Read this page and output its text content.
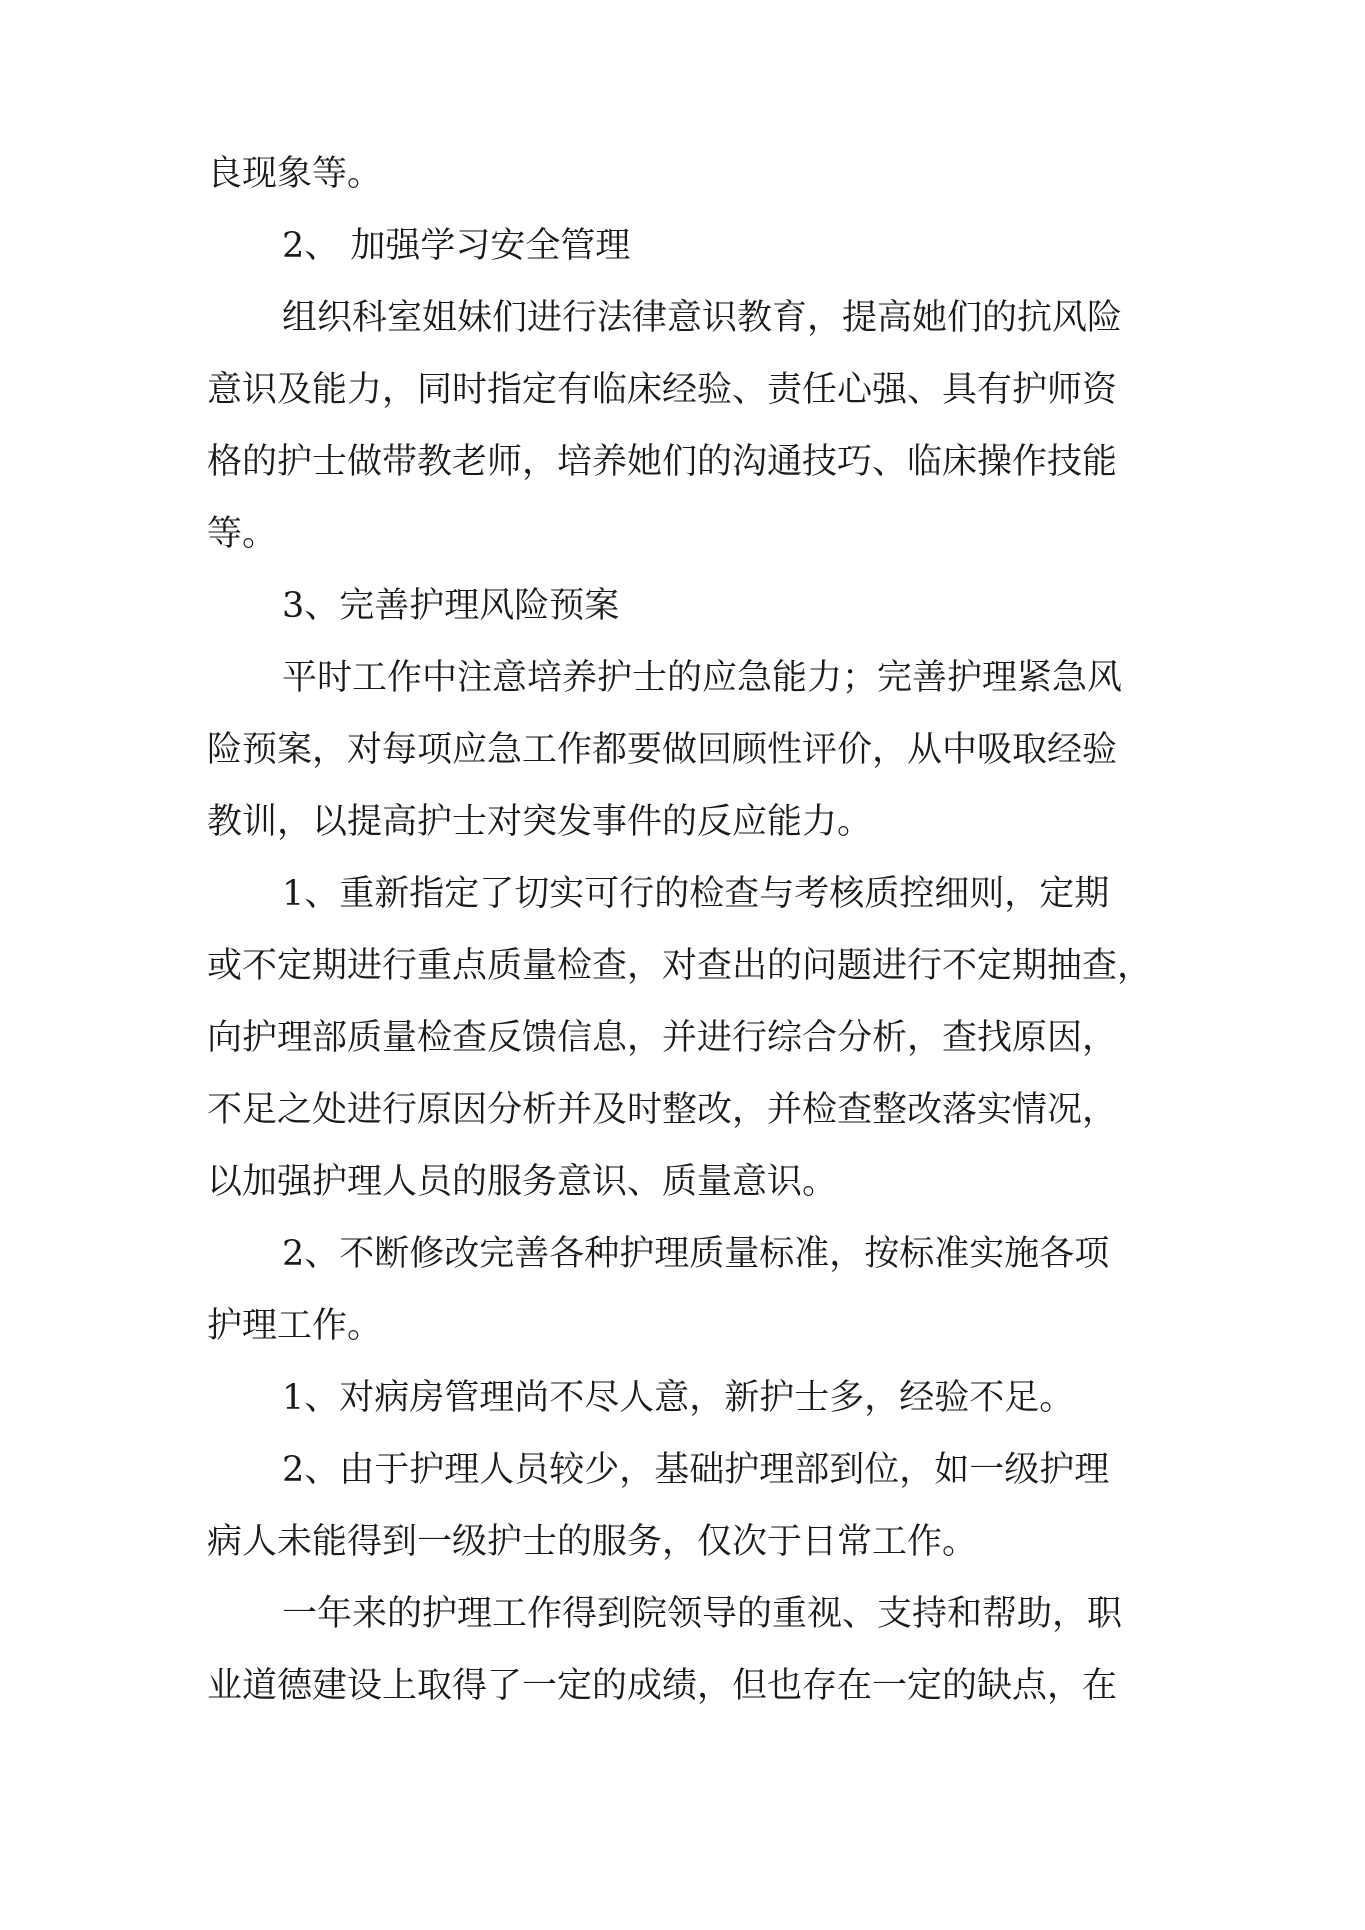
良现象等。
2、 加强学习安全管理
组织科室姐妹们进行法律意识教育，提高她们的抗风险
意识及能力，同时指定有临床经验、责任心强、具有护师资
格的护士做带教老师，培养她们的沟通技巧、临床操作技能
等。
3、完善护理风险预案
平时工作中注意培养护士的应急能力；完善护理紧急风
险预案，对每项应急工作都要做回顾性评价，从中吸取经验
教训，以提高护士对突发事件的反应能力。
1、重新指定了切实可行的检查与考核质控细则，定期
或不定期进行重点质量检查，对查出的问题进行不定期抽查，
向护理部质量检查反馈信息，并进行综合分析，查找原因，
不足之处进行原因分析并及时整改，并检查整改落实情况，
以加强护理人员的服务意识、质量意识。
2、不断修改完善各种护理质量标准，按标准实施各项
护理工作。
1、对病房管理尚不尽人意，新护士多，经验不足。
2、由于护理人员较少，基础护理部到位，如一级护理
病人未能得到一级护士的服务，仅次于日常工作。
一年来的护理工作得到院领导的重视、支持和帮助，职
业道德建设上取得了一定的成绩，但也存在一定的缺点，在
